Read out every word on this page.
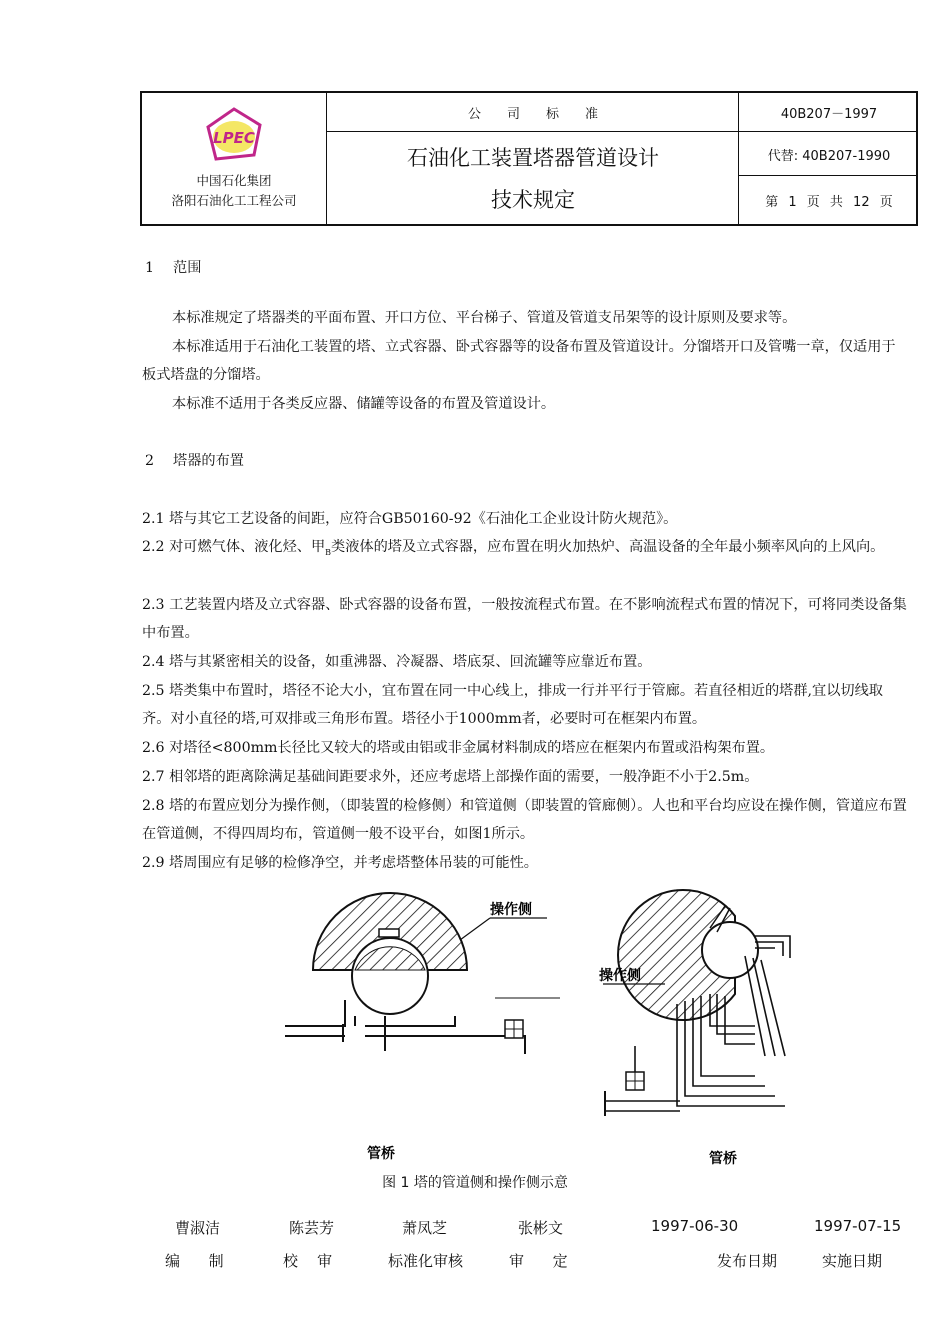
LPEC
中国石化集团
洛阳石油化工工程公司
公司标准
石油化工装置塔器管道设计
技术规定
40B207－1997
代替: 40B207-1990
第 1 页 共 12 页

1 范围

本标准规定了塔器类的平面布置、开口方位、平台梯子、管道及管道支吊架等的设计原则及要求等。

本标准适用于石油化工装置的塔、立式容器、卧式容器等的设备布置及管道设计。分馏塔开口及管嘴一章，仅适用于板式塔盘的分馏塔。

本标准不适用于各类反应器、储罐等设备的布置及管道设计。

2 塔器的布置

2.1 塔与其它工艺设备的间距，应符合GB50160-92《石油化工企业设计防火规范》。

2.2 对可燃气体、液化烃、甲$_B$类液体的塔及立式容器，应布置在明火加热炉、高温设备的全年最小频率风向的上风向。

2.3 工艺装置内塔及立式容器、卧式容器的设备布置，一般按流程式布置。在不影响流程式布置的情况下，可将同类设备集中布置。

2.4 塔与其紧密相关的设备，如重沸器、冷凝器、塔底泵、回流罐等应靠近布置。

2.5 塔类集中布置时，塔径不论大小，宜布置在同一中心线上，排成一行并平行于管廊。若直径相近的塔群,宜以切线取齐。对小直径的塔,可双排或三角形布置。塔径小于1000mm者，必要时可在框架内布置。

2.6 对塔径<800mm长径比又较大的塔或由铝或非金属材料制成的塔应在框架内布置或沿构架布置。

2.7 相邻塔的距离除满足基础间距要求外，还应考虑塔上部操作面的需要，一般净距不小于2.5m。

2.8 塔的布置应划分为操作侧，（即装置的检修侧）和管道侧（即装置的管廊侧）。人也和平台均应设在操作侧，管道应布置在管道侧，不得四周均布，管道侧一般不设平台，如图1所示。

2.9 塔周围应有足够的检修净空，并考虑塔整体吊装的可能性。

操作侧
管桥
操作侧
管桥
图 1 塔的管道侧和操作侧示意
曹淑洁	陈芸芳	萧凤芝	张彬文	1997-06-30	1997-07-15
编      制	校    审	标准化审核	审      定	发布日期	实施日期
